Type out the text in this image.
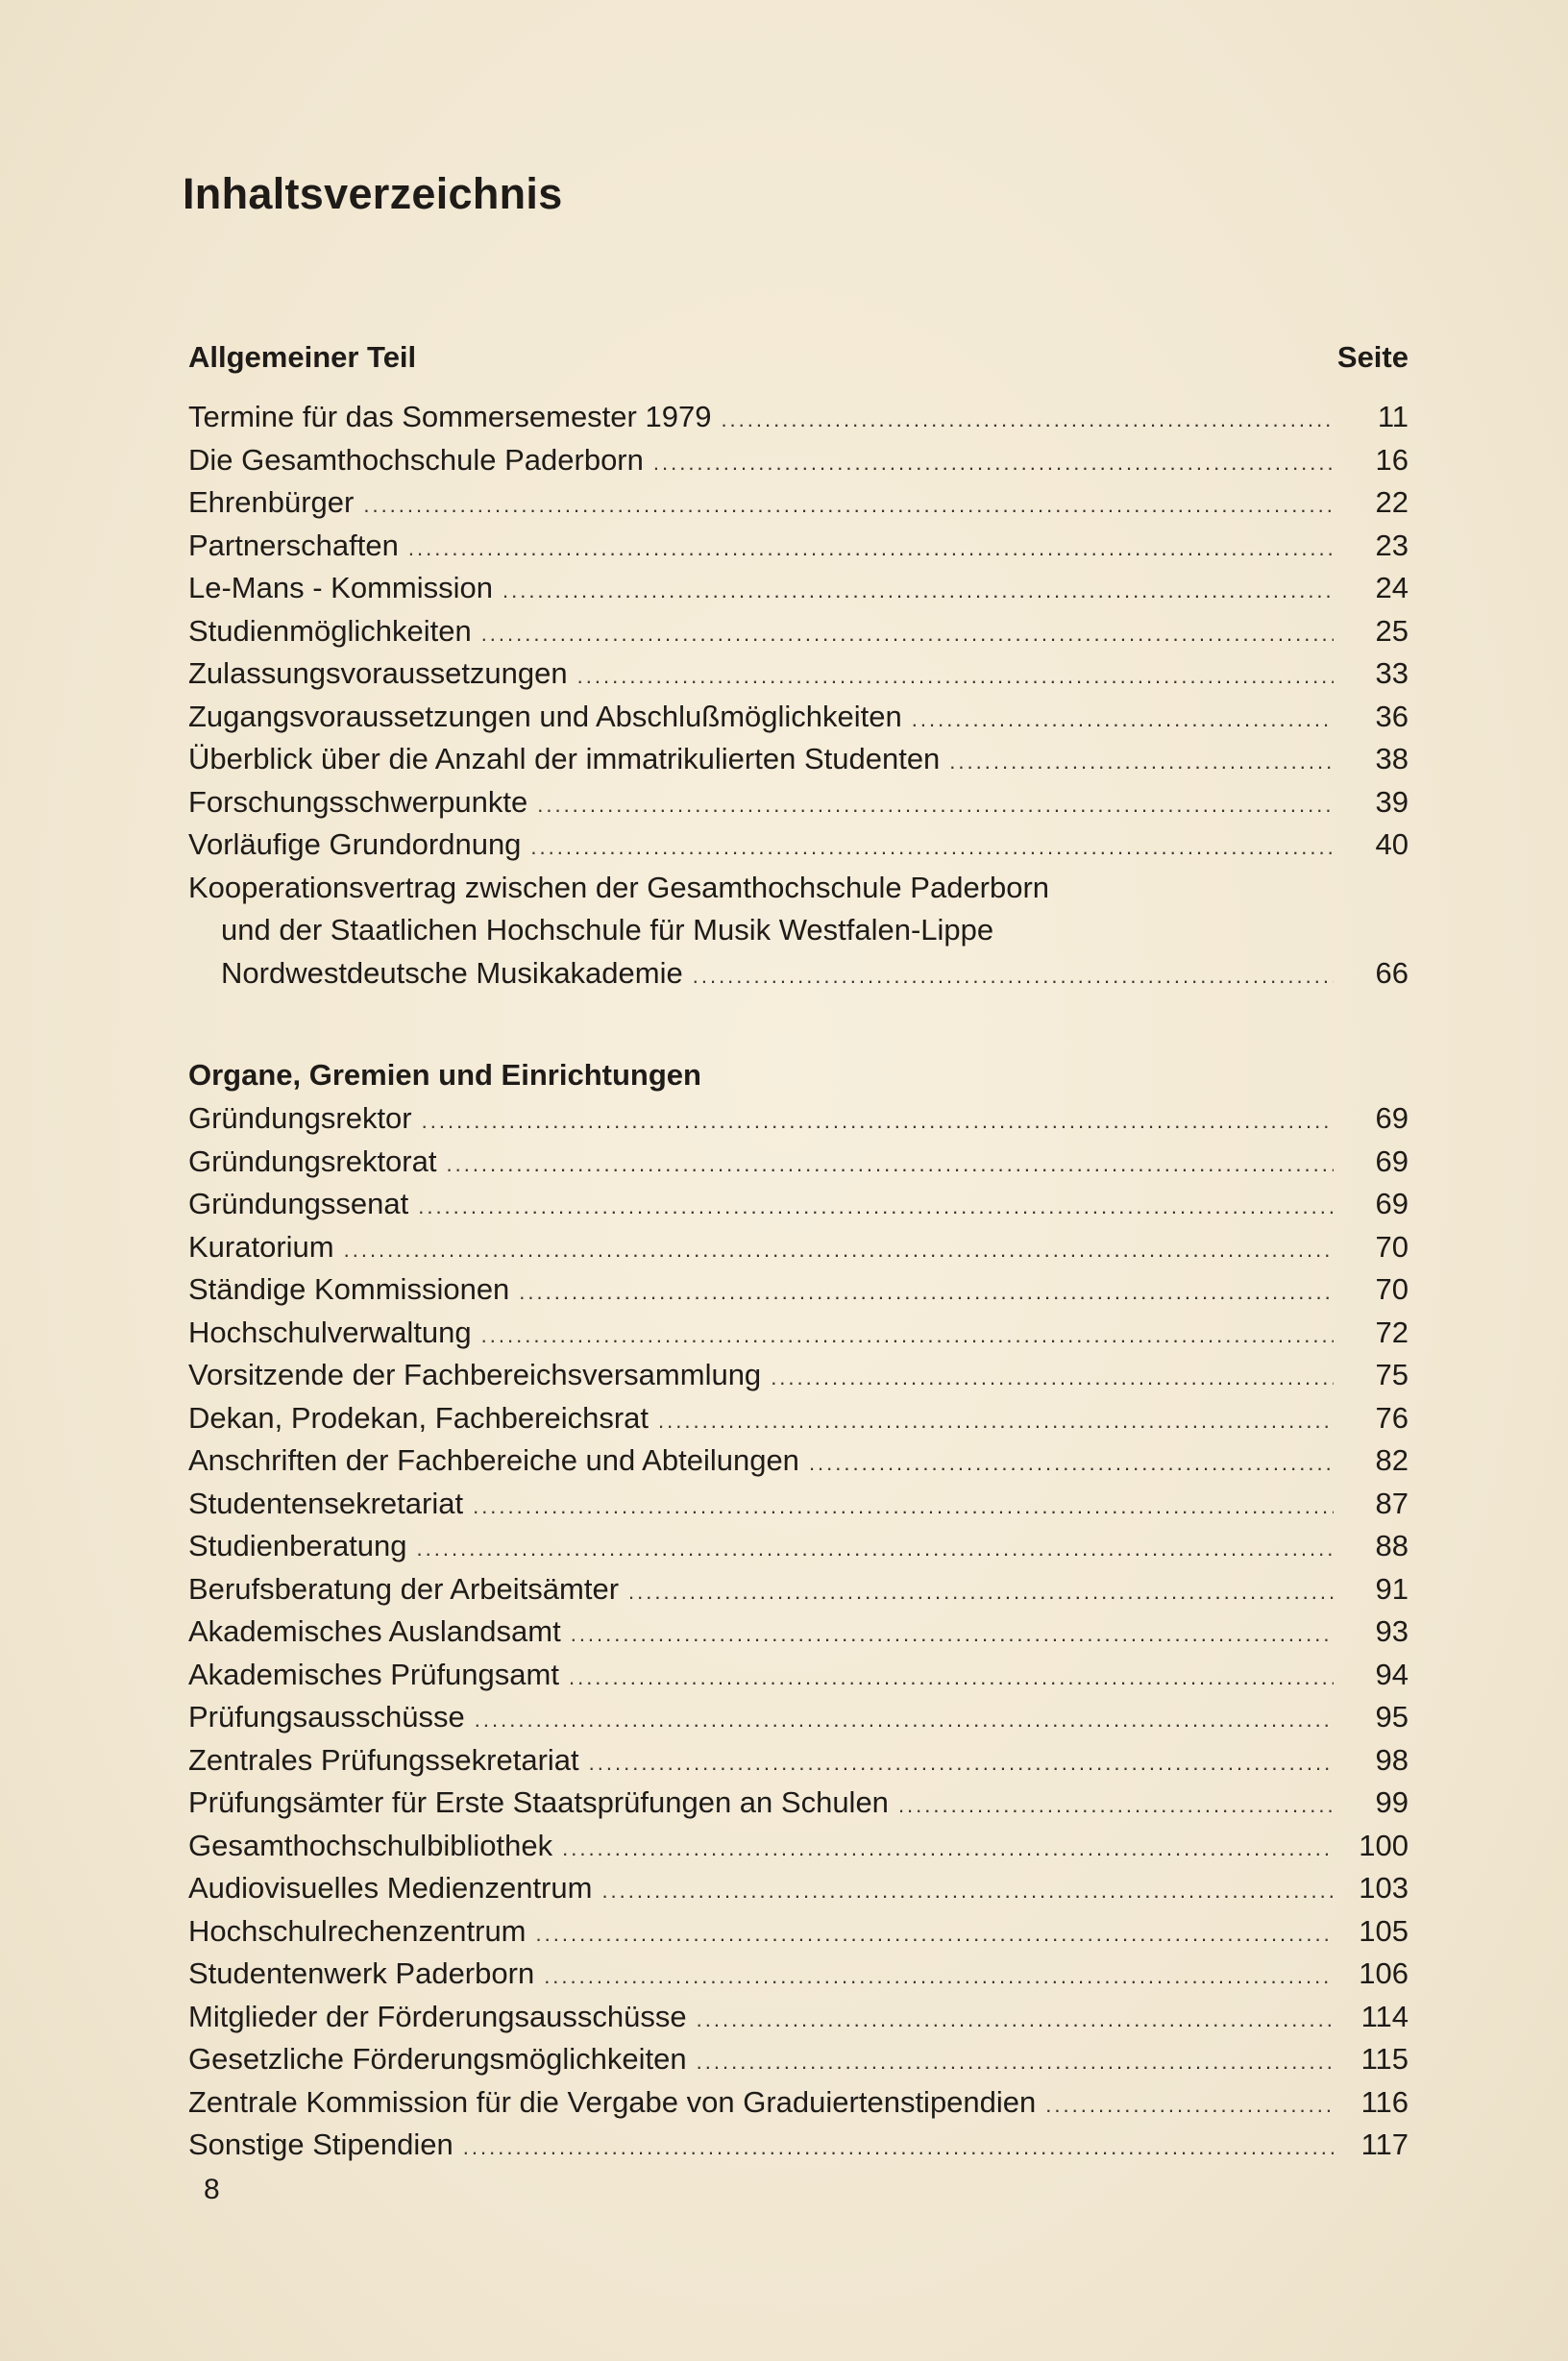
Inhaltsverzeichnis
Allgemeiner Teil	Seite
Termine für das Sommersemester 1979 .....	11
Die Gesamthochschule Paderborn .....	16
Ehrenbürger .....	22
Partnerschaften .....	23
Le-Mans - Kommission .....	24
Studienmöglichkeiten .....	25
Zulassungsvoraussetzungen .....	33
Zugangsvoraussetzungen und Abschlußmöglichkeiten .....	36
Überblick über die Anzahl der immatrikulierten Studenten .....	38
Forschungsschwerpunkte .....	39
Vorläufige Grundordnung .....	40
Kooperationsvertrag zwischen der Gesamthochschule Paderborn
und der Staatlichen Hochschule für Musik Westfalen-Lippe
Nordwestdeutsche Musikakademie .....	66
Organe, Gremien und Einrichtungen
Gründungsrektor .....	69
Gründungsrektorat .....	69
Gründungssenat .....	69
Kuratorium .....	70
Ständige Kommissionen .....	70
Hochschulverwaltung .....	72
Vorsitzende der Fachbereichsversammlung .....	75
Dekan, Prodekan, Fachbereichsrat .....	76
Anschriften der Fachbereiche und Abteilungen .....	82
Studentensekretariat .....	87
Studienberatung .....	88
Berufsberatung der Arbeitsämter .....	91
Akademisches Auslandsamt .....	93
Akademisches Prüfungsamt .....	94
Prüfungsausschüsse .....	95
Zentrales Prüfungssekretariat .....	98
Prüfungsämter für Erste Staatsprüfungen an Schulen .....	99
Gesamthochschulbibliothek .....	100
Audiovisuelles Medienzentrum .....	103
Hochschulrechenzentrum .....	105
Studentenwerk Paderborn .....	106
Mitglieder der Förderungsausschüsse .....	114
Gesetzliche Förderungsmöglichkeiten .....	115
Zentrale Kommission für die Vergabe von Graduiertenstipendien .....	116
Sonstige Stipendien .....	117
8
